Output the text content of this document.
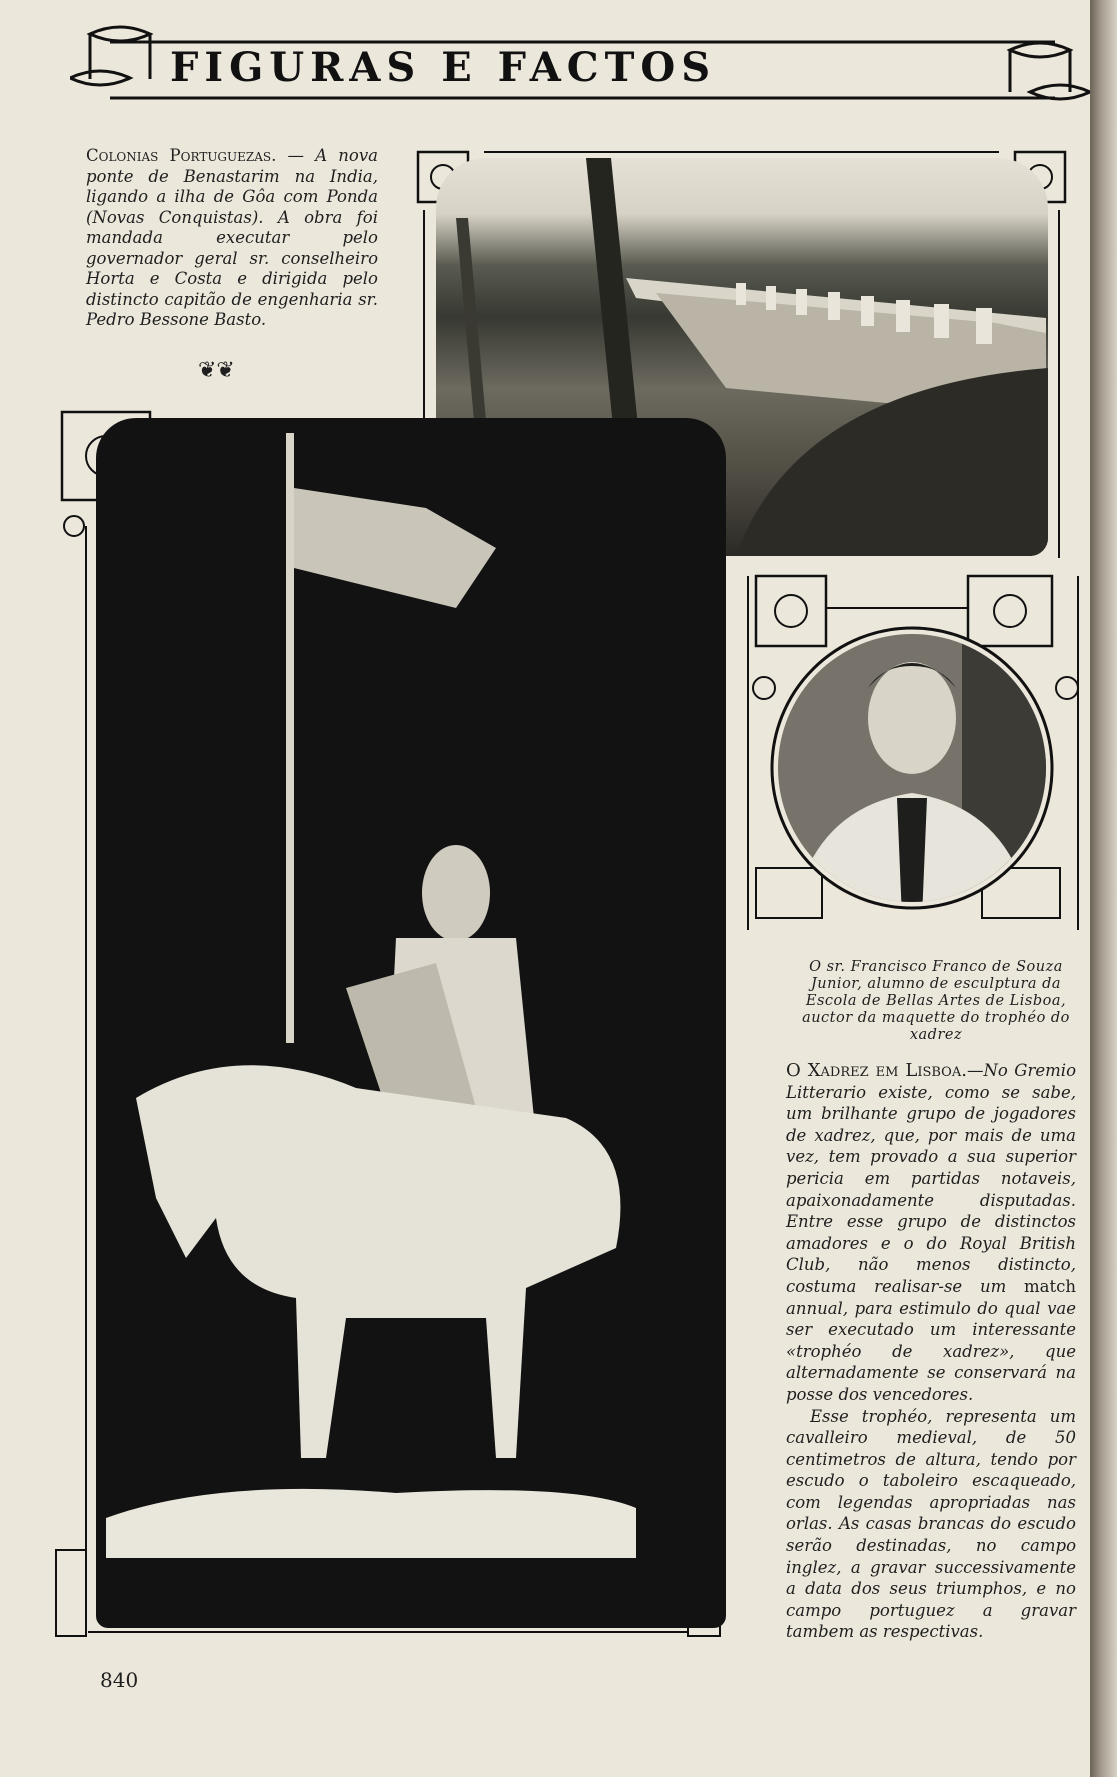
FIGURAS E FACTOS
Colonias Portuguezas. — A nova ponte de Benastarim na India, ligando a ilha de Gôa com Ponda (Novas Conquistas). A obra foi mandada executar pelo governador geral sr. conselheiro Horta e Costa e dirigida pelo distincto capitão de engenharia sr. Pedro Bessone Basto.
❦❦
O sr. Francisco Franco de Souza Junior, alumno de esculptura da Escola de Bellas Artes de Lisboa, auctor da maquette do trophéo do xadrez

O Xadrez em Lisboa.—No Gremio Litterario existe, como se sabe, um brilhante grupo de jogadores de xadrez, que, por mais de uma vez, tem provado a sua superior pericia em partidas notaveis, apaixonadamente disputadas. Entre esse grupo de distinctos amadores e o do Royal British Club, não menos distincto, costuma realisar-se um match annual, para estimulo do qual vae ser executado um interessante «trophéo de xadrez», que alternadamente se conservará na posse dos vencedores.

Esse trophéo, representa um cavalleiro medieval, de 50 centimetros de altura, tendo por escudo o taboleiro escaqueado, com legendas apropriadas nas orlas. As casas brancas do escudo serão destinadas, no campo inglez, a gravar successivamente a data dos seus triumphos, e no campo portuguez a gravar tambem as respectivas.

840
